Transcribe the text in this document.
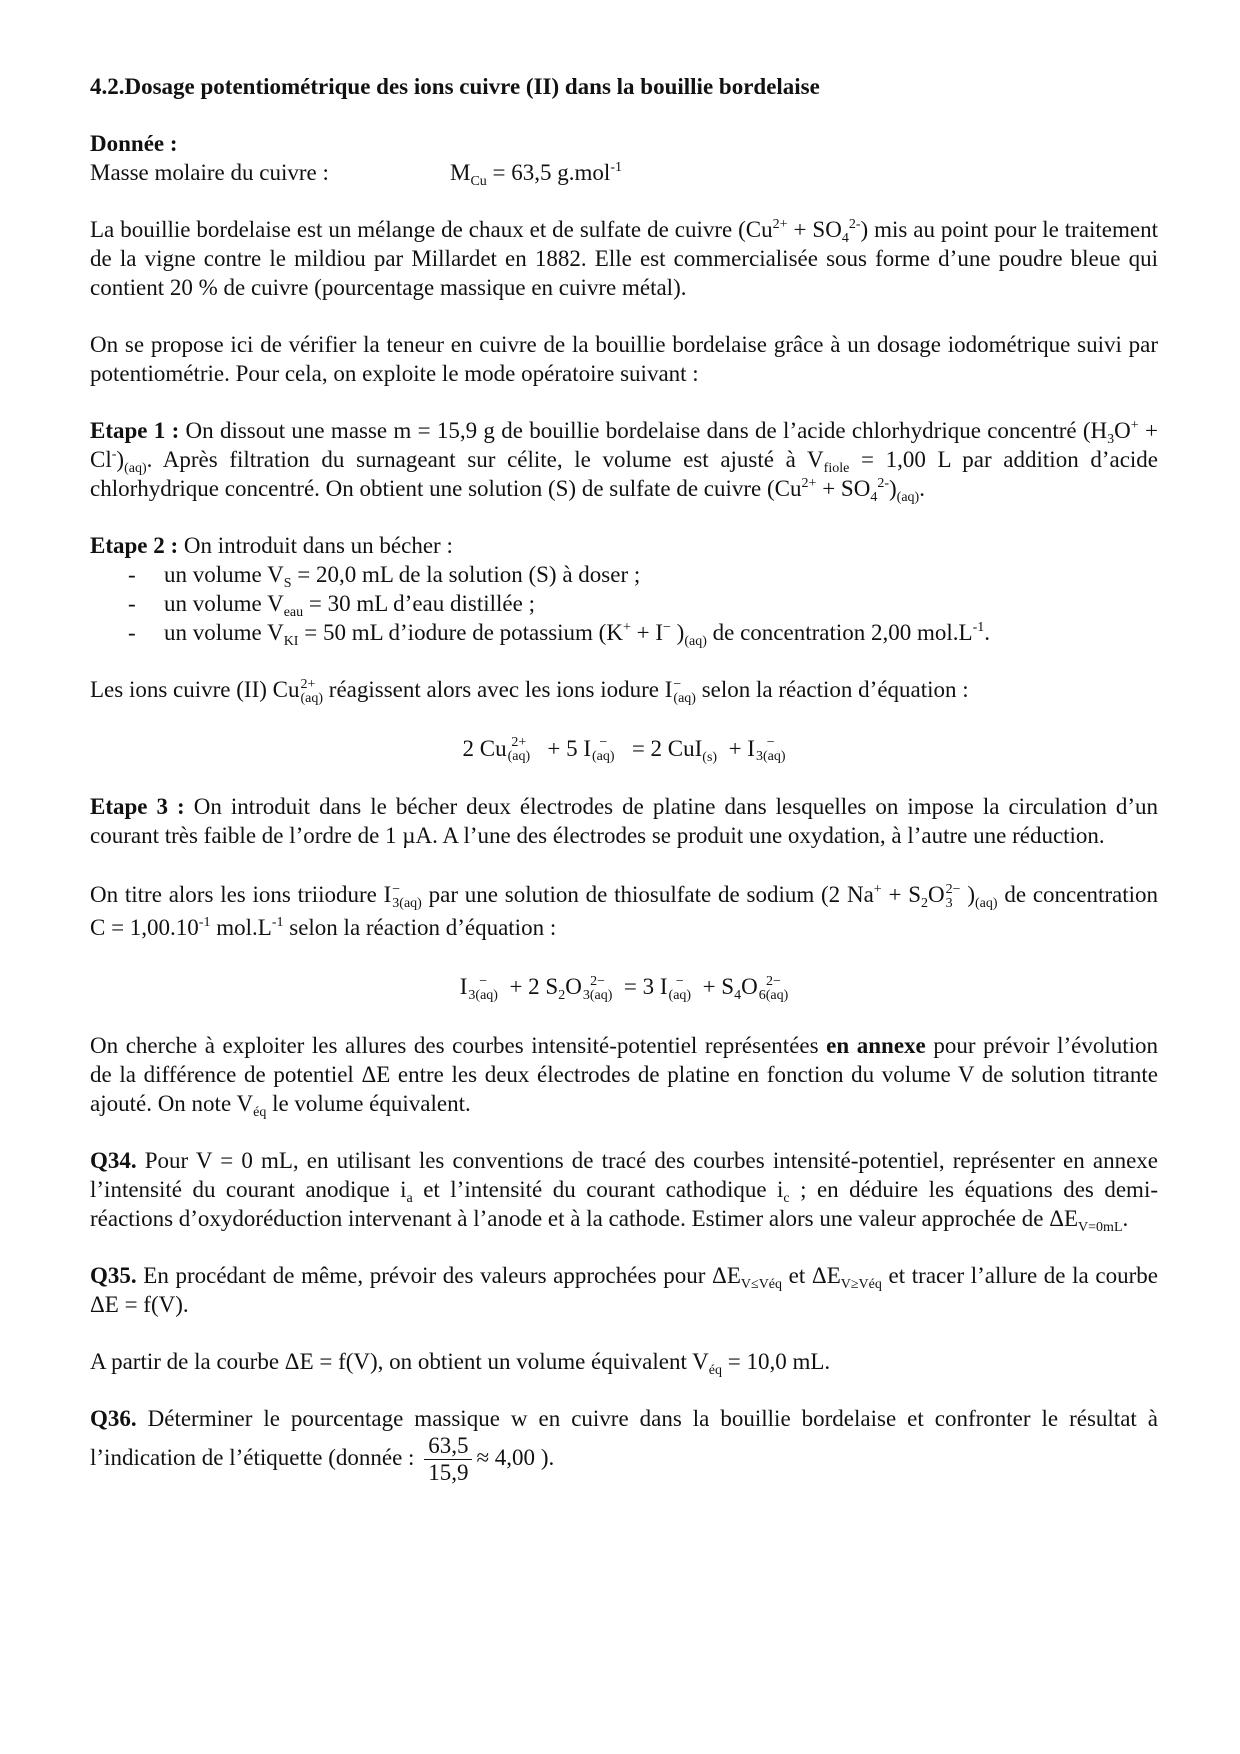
4.2.Dosage potentiométrique des ions cuivre (II) dans la bouillie bordelaise

Donnée :

Masse molaire du cuivre :	$M_{Cu} = 63,5$ g.mol$^{-1}$

La bouillie bordelaise est un mélange de chaux et de sulfate de cuivre $(Cu^{2+} + SO_4^{2-})$ mis au point pour le traitement de la vigne contre le mildiou par Millardet en 1882. Elle est commercialisée sous forme d’une poudre bleue qui contient 20 % de cuivre (pourcentage massique en cuivre métal).

On se propose ici de vérifier la teneur en cuivre de la bouillie bordelaise grâce à un dosage iodométrique suivi par potentiométrie. Pour cela, on exploite le mode opératoire suivant :

Etape 1 : On dissout une masse m = 15,9 g de bouillie bordelaise dans de l’acide chlorhydrique concentré $(H_3O^+ + Cl^-)_{(aq)}$. Après filtration du surnageant sur célite, le volume est ajusté à $V_{fiole} = 1,00$ L par addition d’acide chlorhydrique concentré. On obtient une solution (S) de sulfate de cuivre $(Cu^{2+} + SO_4^{2-})_{(aq)}$.

Etape 2 : On introduit dans un bécher :

- un volume $V_S = 20,0$ mL de la solution (S) à doser ;
- un volume $V_{eau} = 30$ mL d’eau distillée ;
- un volume $V_{KI} = 50$ mL d’iodure de potassium (K+ + I− )$_{(aq)}$ de concentration 2,00 $mol.L^{-1}$.

Les ions cuivre (II) Cu 2+
(aq) réagissent alors avec les ions iodure I −
(aq) selon la réaction d’équation :

2 Cu 2+
(aq) + 5 I −
(aq) = 2 CuI$_{(s)}$  + I −
3(aq)

Etape 3 : On introduit dans le bécher deux électrodes de platine dans lesquelles on impose la circulation d’un courant très faible de l’ordre de 1 µA. A l’une des électrodes se produit une oxydation, à l’autre une réduction.

On titre alors les ions triiodure I −
3(aq) par une solution de thiosulfate de sodium (2 $Na^+ + S_2O$ 2−
3 )$_{(aq)}$ de concentration $C = 1,00.10^{-1}$ $mol.L^{-1}$ selon la réaction d’équation :

I −
3(aq) + 2 $S_2O$ 2−
3(aq) = 3 I −
$(aq) + S_4O$ 2−
6(aq)

On cherche à exploiter les allures des courbes intensité-potentiel représentées en annexe pour prévoir l’évolution de la différence de potentiel ΔE entre les deux électrodes de platine en fonction du volume V de solution titrante ajouté. On note $V_{éq}$ le volume équivalent.

Q34. Pour V = 0 mL, en utilisant les conventions de tracé des courbes intensité-potentiel, représenter en annexe l’intensité du courant anodique $i_a$ et l’intensité du courant cathodique $i_c$ ; en déduire les équations des demi-réactions d’oxydoréduction intervenant à l’anode et à la cathode. Estimer alors une valeur approchée de $\Delta E_{V=0mL}$.

Q35. En procédant de même, prévoir des valeurs approchées pour $\Delta E_{V\le Véq}$ et $\Delta E_{V\ge Véq}$ et tracer l’allure de la courbe ΔE = f(V).

A partir de la courbe ΔE = f(V), on obtient un volume équivalent $V_{éq} = 10,0$ mL.

Q36. Déterminer le pourcentage massique w en cuivre dans la bouillie bordelaise et confronter le résultat à l’indication de l’étiquette (donnée : $\frac{63,5}{15,9} \approx 4,00$ ).
